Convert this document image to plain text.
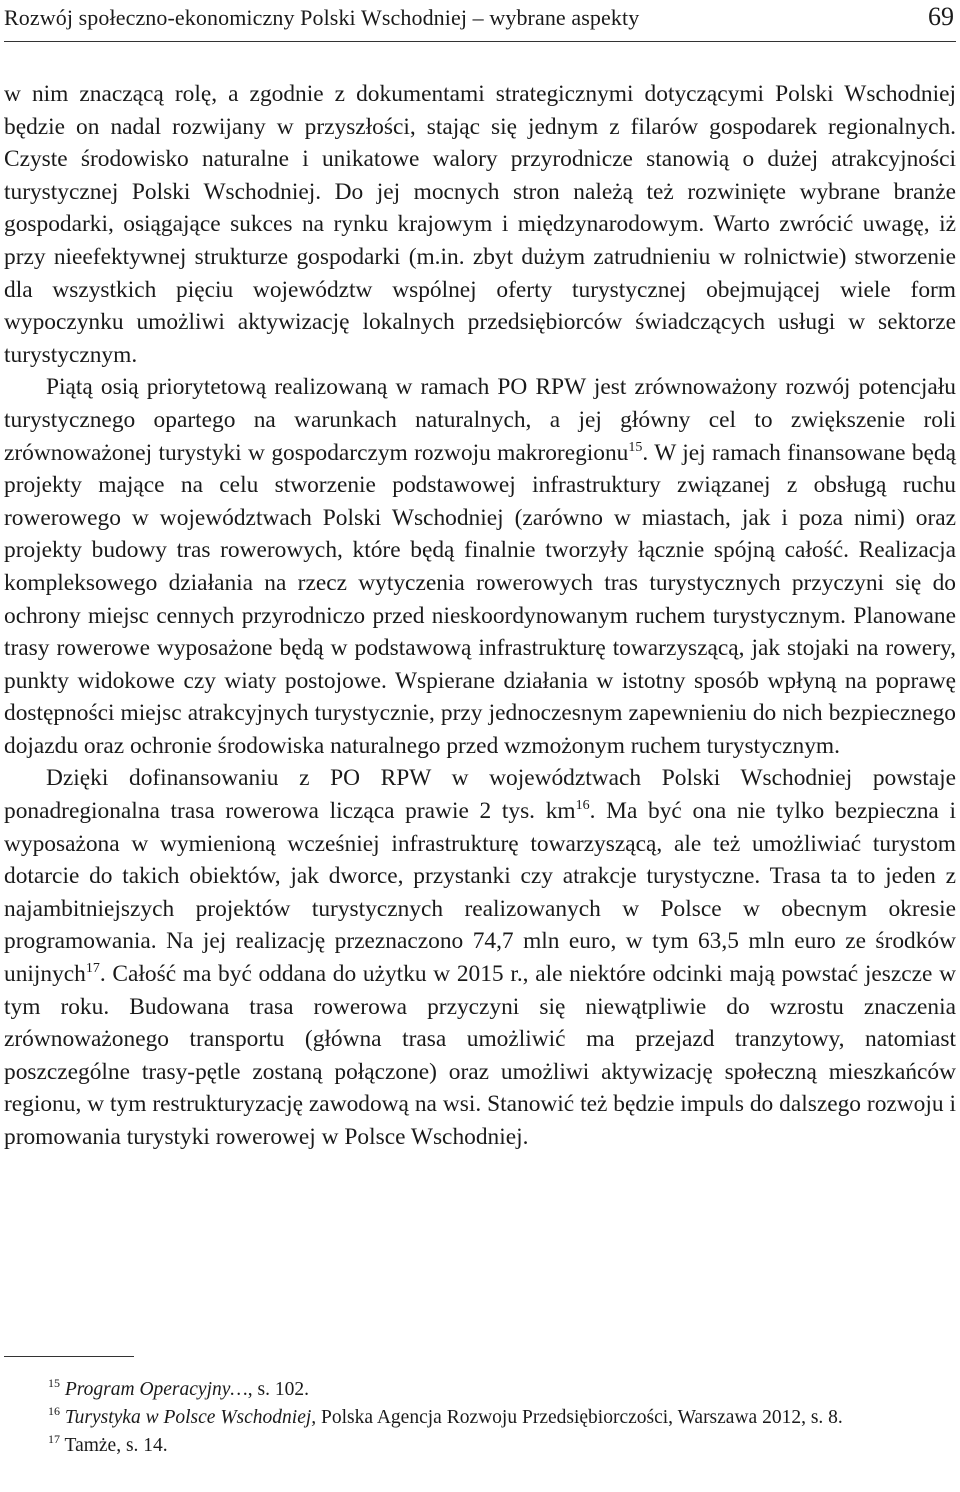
Rozwój społeczno-ekonomiczny Polski Wschodniej – wybrane aspekty	69

w nim znaczącą rolę, a zgodnie z dokumentami strategicznymi dotyczącymi Polski Wschodniej będzie on nadal rozwijany w przyszłości, stając się jednym z filarów gospodarek regionalnych. Czyste środowisko naturalne i unikatowe walory przyrodnicze stanowią o dużej atrakcyjności turystycznej Polski Wschodniej. Do jej mocnych stron należą też rozwinięte wybrane branże gospodarki, osiągające sukces na rynku krajowym i międzynarodowym. Warto zwrócić uwagę, iż przy nieefektywnej strukturze gospodarki (m.in. zbyt dużym zatrudnieniu w rolnictwie) stworzenie dla wszystkich pięciu województw wspólnej oferty turystycznej obejmującej wiele form wypoczynku umożliwi aktywizację lokalnych przedsiębiorców świadczących usługi w sektorze turystycznym.

Piątą osią priorytetową realizowaną w ramach PO RPW jest zrównoważony rozwój potencjału turystycznego opartego na warunkach naturalnych, a jej główny cel to zwiększenie roli zrównoważonej turystyki w gospodarczym rozwoju makroregionu$^{15}$. W jej ramach finansowane będą projekty mające na celu stworzenie podstawowej infrastruktury związanej z obsługą ruchu rowerowego w województwach Polski Wschodniej (zarówno w miastach, jak i poza nimi) oraz projekty budowy tras rowerowych, które będą finalnie tworzyły łącznie spójną całość. Realizacja kompleksowego działania na rzecz wytyczenia rowerowych tras turystycznych przyczyni się do ochrony miejsc cennych przyrodniczo przed nieskoordynowanym ruchem turystycznym. Planowane trasy rowerowe wyposażone będą w podstawową infrastrukturę towarzyszącą, jak stojaki na rowery, punkty widokowe czy wiaty postojowe. Wspierane działania w istotny sposób wpłyną na poprawę dostępności miejsc atrakcyjnych turystycznie, przy jednoczesnym zapewnieniu do nich bezpiecznego dojazdu oraz ochronie środowiska naturalnego przed wzmożonym ruchem turystycznym.

Dzięki dofinansowaniu z PO RPW w województwach Polski Wschodniej powstaje ponadregionalna trasa rowerowa licząca prawie 2 tys. $km^{16}$. Ma być ona nie tylko bezpieczna i wyposażona w wymienioną wcześniej infrastrukturę towarzyszącą, ale też umożliwiać turystom dotarcie do takich obiektów, jak dworce, przystanki czy atrakcje turystyczne. Trasa ta to jeden z najambitniejszych projektów turystycznych realizowanych w Polsce w obecnym okresie programowania. Na jej realizację przeznaczono 74,7 mln euro, w tym 63,5 mln euro ze środków unijnych$^{17}$. Całość ma być oddana do użytku w 2015 r., ale niektóre odcinki mają powstać jeszcze w tym roku. Budowana trasa rowerowa przyczyni się niewątpliwie do wzrostu znaczenia zrównoważonego transportu (główna trasa umożliwić ma przejazd tranzytowy, natomiast poszczególne trasy-pętle zostaną połączone) oraz umożliwi aktywizację społeczną mieszkańców regionu, w tym restrukturyzację zawodową na wsi. Stanowić też będzie impuls do dalszego rozwoju i promowania turystyki rowerowej w Polsce Wschodniej.

$^{15}$ Program Operacyjny…, s. 102.

$^{16}$ Turystyka w Polsce Wschodniej, Polska Agencja Rozwoju Przedsiębiorczości, Warszawa 2012, s. 8.

$^{17}$ Tamże, s. 14.
